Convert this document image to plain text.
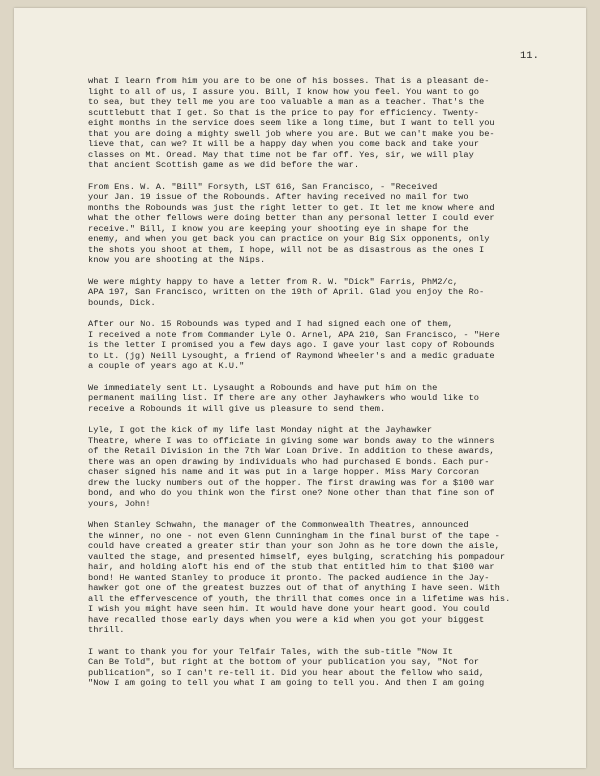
11.

what I learn from him you are to be one of his bosses. That is a pleasant de-
light to all of us, I assure you. Bill, I know how you feel. You want to go
to sea, but they tell me you are too valuable a man as a teacher. That's the
scuttlebutt that I get. So that is the price to pay for efficiency. Twenty-
eight months in the service does seem like a long time, but I want to tell you
that you are doing a mighty swell job where you are. But we can't make you be-
lieve that, can we? It will be a happy day when you come back and take your
classes on Mt. Oread. May that time not be far off. Yes, sir, we will play
that ancient Scottish game as we did before the war.

From Ens. W. A. "Bill" Forsyth, LST 616, San Francisco, - "Received
your Jan. 19 issue of the Robounds. After having received no mail for two
months the Robounds was just the right letter to get. It let me know where and
what the other fellows were doing better than any personal letter I could ever
receive." Bill, I know you are keeping your shooting eye in shape for the
enemy, and when you get back you can practice on your Big Six opponents, only
the shots you shoot at them, I hope, will not be as disastrous as the ones I
know you are shooting at the Nips.

We were mighty happy to have a letter from R. W. "Dick" Farris, PhM2/c,
APA 197, San Francisco, written on the 19th of April. Glad you enjoy the Ro-
bounds, Dick.

After our No. 15 Robounds was typed and I had signed each one of them,
I received a note from Commander Lyle O. Arnel, APA 210, San Francisco, - "Here
is the letter I promised you a few days ago. I gave your last copy of Robounds
to Lt. (jg) Neill Lysought, a friend of Raymond Wheeler's and a medic graduate
a couple of years ago at K.U."

We immediately sent Lt. Lysaught a Robounds and have put him on the
permanent mailing list. If there are any other Jayhawkers who would like to
receive a Robounds it will give us pleasure to send them.

Lyle, I got the kick of my life last Monday night at the Jayhawker
Theatre, where I was to officiate in giving some war bonds away to the winners
of the Retail Division in the 7th War Loan Drive. In addition to these awards,
there was an open drawing by individuals who had purchased E bonds. Each pur-
chaser signed his name and it was put in a large hopper. Miss Mary Corcoran
drew the lucky numbers out of the hopper. The first drawing was for a $100 war
bond, and who do you think won the first one? None other than that fine son of
yours, John!

When Stanley Schwahn, the manager of the Commonwealth Theatres, announced
the winner, no one - not even Glenn Cunningham in the final burst of the tape -
could have created a greater stir than your son John as he tore down the aisle,
vaulted the stage, and presented himself, eyes bulging, scratching his pompadour
hair, and holding aloft his end of the stub that entitled him to that $100 war
bond! He wanted Stanley to produce it pronto. The packed audience in the Jay-
hawker got one of the greatest buzzes out of that of anything I have seen. With
all the effervescence of youth, the thrill that comes once in a lifetime was his.
I wish you might have seen him. It would have done your heart good. You could
have recalled those early days when you were a kid when you got your biggest
thrill.

I want to thank you for your Telfair Tales, with the sub-title "Now It
Can Be Told", but right at the bottom of your publication you say, "Not for
publication", so I can't re-tell it. Did you hear about the fellow who said,
"Now I am going to tell you what I am going to tell you. And then I am going
